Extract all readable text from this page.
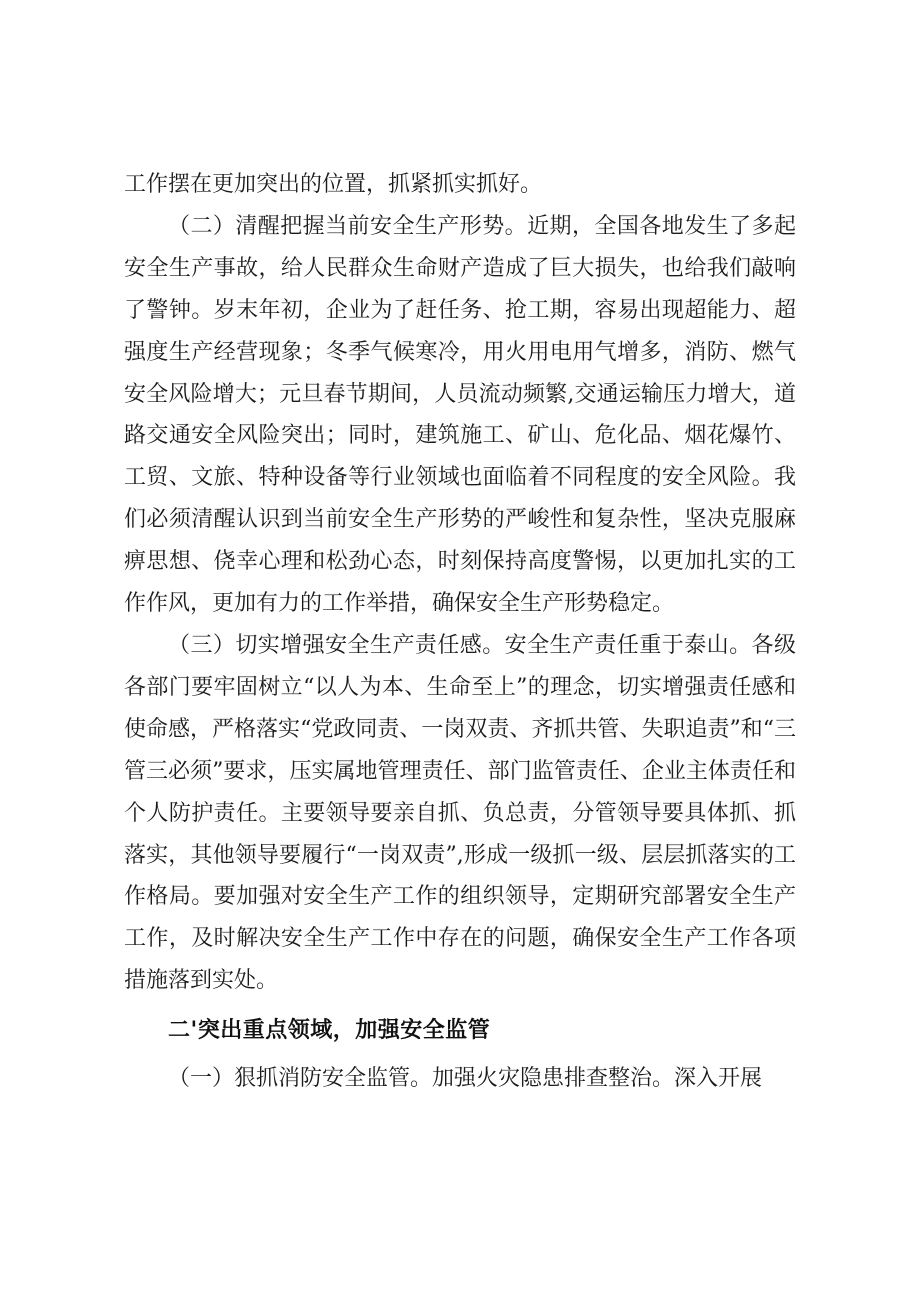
工作摆在更加突出的位置，抓紧抓实抓好。

（二）清醒把握当前安全生产形势。近期，全国各地发生了多起安全生产事故，给人民群众生命财产造成了巨大损失，也给我们敲响了警钟。岁末年初，企业为了赶任务、抢工期，容易出现超能力、超强度生产经营现象；冬季气候寒冷，用火用电用气增多，消防、燃气安全风险增大；元旦春节期间，人员流动频繁,交通运输压力增大，道路交通安全风险突出；同时，建筑施工、矿山、危化品、烟花爆竹、工贸、文旅、特种设备等行业领域也面临着不同程度的安全风险。我们必须清醒认识到当前安全生产形势的严峻性和复杂性，坚决克服麻痹思想、侥幸心理和松劲心态，时刻保持高度警惕，以更加扎实的工作作风，更加有力的工作举措，确保安全生产形势稳定。

（三）切实增强安全生产责任感。安全生产责任重于泰山。各级各部门要牢固树立“以人为本、生命至上”的理念，切实增强责任感和使命感，严格落实“党政同责、一岗双责、齐抓共管、失职追责”和“三管三必须”要求，压实属地管理责任、部门监管责任、企业主体责任和个人防护责任。主要领导要亲自抓、负总责，分管领导要具体抓、抓落实，其他领导要履行“一岗双责”,形成一级抓一级、层层抓落实的工作格局。要加强对安全生产工作的组织领导，定期研究部署安全生产工作，及时解决安全生产工作中存在的问题，确保安全生产工作各项措施落到实处。

二'突出重点领域，加强安全监管

（一）狠抓消防安全监管。加强火灾隐患排查整治。深入开展
